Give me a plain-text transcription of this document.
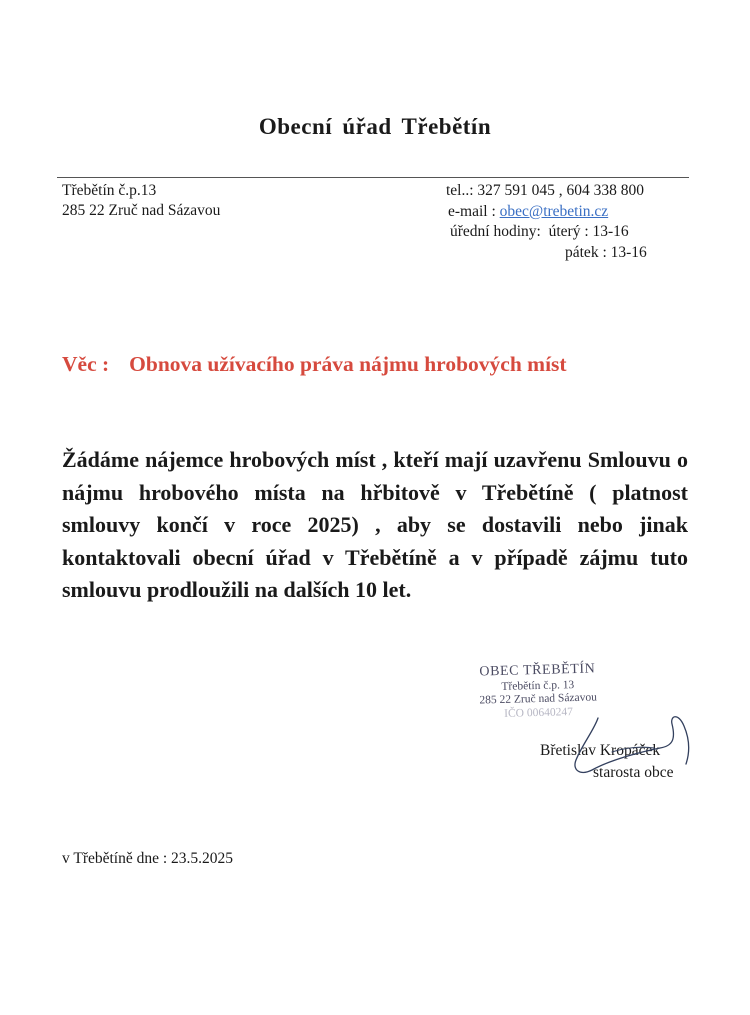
Obecní úřad Třebětín
Třebětín č.p.13
285 22 Zruč nad Sázavou
tel..: 327 591 045 , 604 338 800
e-mail : obec@trebetin.cz
úřední hodiny: úterý : 13-16
pátek : 13-16
Věc : Obnova užívacího práva nájmu hrobových míst
Žádáme nájemce hrobových míst , kteří mají uzavřenu Smlouvu o nájmu hrobového místa na hřbitově v Třebětíně ( platnost smlouvy končí v roce 2025) , aby se dostavili nebo jinak kontaktovali obecní úřad v Třebětíně a v případě zájmu tuto smlouvu prodloužili na dalších 10 let.
OBEC TŘEBĚTÍN
Třebětín č.p. 13
285 22 Zruč nad Sázavou
IČO 00640247
Břetislav Kropáček
starosta obce
v Třebětíně dne : 23.5.2025
